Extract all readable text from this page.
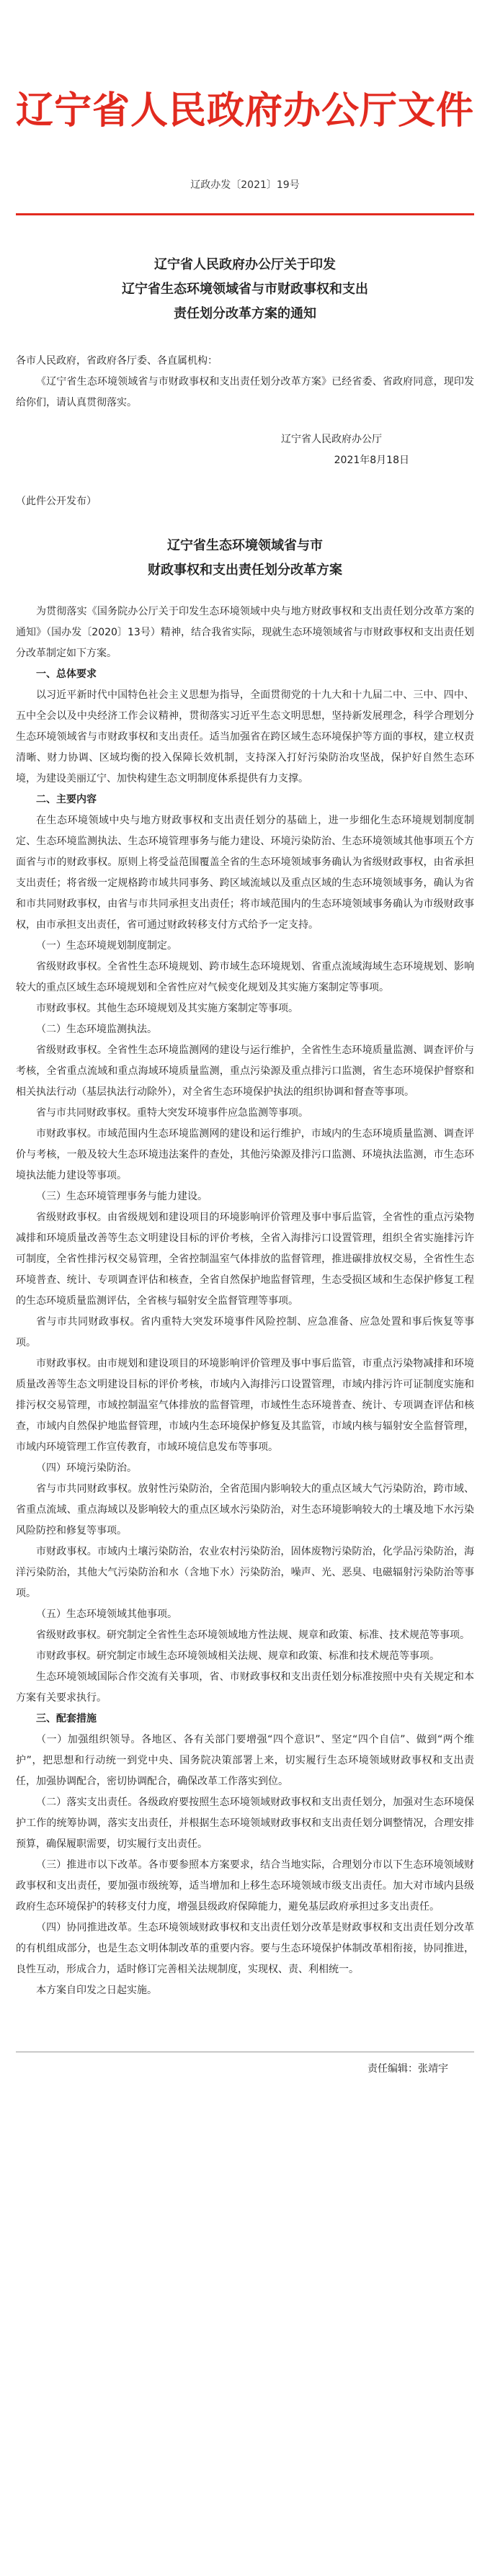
辽宁省人民政府办公厅文件
辽政办发〔2021〕19号
辽宁省人民政府办公厅关于印发
辽宁省生态环境领域省与市财政事权和支出
责任划分改革方案的通知

各市人民政府，省政府各厅委、各直属机构：

《辽宁省生态环境领域省与市财政事权和支出责任划分改革方案》已经省委、省政府同意，现印发给你们，请认真贯彻落实。

辽宁省人民政府办公厅
2021年8月18日

（此件公开发布）

辽宁省生态环境领域省与市
财政事权和支出责任划分改革方案

为贯彻落实《国务院办公厅关于印发生态环境领域中央与地方财政事权和支出责任划分改革方案的通知》（国办发〔2020〕13号）精神，结合我省实际，现就生态环境领域省与市财政事权和支出责任划分改革制定如下方案。

一、总体要求

以习近平新时代中国特色社会主义思想为指导，全面贯彻党的十九大和十九届二中、三中、四中、五中全会以及中央经济工作会议精神，贯彻落实习近平生态文明思想，坚持新发展理念，科学合理划分生态环境领域省与市财政事权和支出责任。适当加强省在跨区域生态环境保护等方面的事权，建立权责清晰、财力协调、区域均衡的投入保障长效机制，支持深入打好污染防治攻坚战，保护好自然生态环境，为建设美丽辽宁、加快构建生态文明制度体系提供有力支撑。

二、主要内容

在生态环境领域中央与地方财政事权和支出责任划分的基础上，进一步细化生态环境规划制度制定、生态环境监测执法、生态环境管理事务与能力建设、环境污染防治、生态环境领域其他事项五个方面省与市的财政事权。原则上将受益范围覆盖全省的生态环境领域事务确认为省级财政事权，由省承担支出责任；将省级一定规格跨市域共同事务、跨区域流域以及重点区域的生态环境领域事务，确认为省和市共同财政事权，由省与市共同承担支出责任；将市域范围内的生态环境领域事务确认为市级财政事权，由市承担支出责任，省可通过财政转移支付方式给予一定支持。

（一）生态环境规划制度制定。

省级财政事权。全省性生态环境规划、跨市域生态环境规划、省重点流域海域生态环境规划、影响较大的重点区域生态环境规划和全省性应对气候变化规划及其实施方案制定等事项。

市财政事权。其他生态环境规划及其实施方案制定等事项。

（二）生态环境监测执法。

省级财政事权。全省性生态环境监测网的建设与运行维护，全省性生态环境质量监测、调查评价与考核，全省重点流域和重点海域环境质量监测，重点污染源及重点排污口监测，省生态环境保护督察和相关执法行动（基层执法行动除外），对全省生态环境保护执法的组织协调和督查等事项。

省与市共同财政事权。重特大突发环境事件应急监测等事项。

市财政事权。市域范围内生态环境监测网的建设和运行维护，市域内的生态环境质量监测、调查评价与考核，一般及较大生态环境违法案件的查处，其他污染源及排污口监测、环境执法监测，市生态环境执法能力建设等事项。

（三）生态环境管理事务与能力建设。

省级财政事权。由省级规划和建设项目的环境影响评价管理及事中事后监管，全省性的重点污染物减排和环境质量改善等生态文明建设目标的评价考核，全省入海排污口设置管理，组织全省实施排污许可制度，全省性排污权交易管理，全省控制温室气体排放的监督管理，推进碳排放权交易，全省性生态环境普查、统计、专项调查评估和核查，全省自然保护地监督管理，生态受损区域和生态保护修复工程的生态环境质量监测评估，全省核与辐射安全监督管理等事项。

省与市共同财政事权。省内重特大突发环境事件风险控制、应急准备、应急处置和事后恢复等事项。

市财政事权。由市规划和建设项目的环境影响评价管理及事中事后监管，市重点污染物减排和环境质量改善等生态文明建设目标的评价考核，市域内入海排污口设置管理，市域内排污许可证制度实施和排污权交易管理，市域控制温室气体排放的监督管理，市域性生态环境普查、统计、专项调查评估和核查，市域内自然保护地监督管理，市域内生态环境保护修复及其监管，市域内核与辐射安全监督管理，市域内环境管理工作宣传教育，市域环境信息发布等事项。

（四）环境污染防治。

省与市共同财政事权。放射性污染防治，全省范围内影响较大的重点区域大气污染防治，跨市域、省重点流域、重点海域以及影响较大的重点区域水污染防治，对生态环境影响较大的土壤及地下水污染风险防控和修复等事项。

市财政事权。市域内土壤污染防治，农业农村污染防治，固体废物污染防治，化学品污染防治，海洋污染防治，其他大气污染防治和水（含地下水）污染防治，噪声、光、恶臭、电磁辐射污染防治等事项。

（五）生态环境领域其他事项。

省级财政事权。研究制定全省性生态环境领域地方性法规、规章和政策、标准、技术规范等事项。

市财政事权。研究制定市域生态环境领域相关法规、规章和政策、标准和技术规范等事项。

生态环境领域国际合作交流有关事项，省、市财政事权和支出责任划分标准按照中央有关规定和本方案有关要求执行。

三、配套措施

（一）加强组织领导。各地区、各有关部门要增强“四个意识”、坚定“四个自信”、做到“两个维护”，把思想和行动统一到党中央、国务院决策部署上来，切实履行生态环境领域财政事权和支出责任，加强协调配合，密切协调配合，确保改革工作落实到位。

（二）落实支出责任。各级政府要按照生态环境领域财政事权和支出责任划分，加强对生态环境保护工作的统筹协调，落实支出责任，并根据生态环境领域财政事权和支出责任划分调整情况，合理安排预算，确保履职需要，切实履行支出责任。

（三）推进市以下改革。各市要参照本方案要求，结合当地实际，合理划分市以下生态环境领域财政事权和支出责任，要加强市级统筹，适当增加和上移生态环境领域市级支出责任。加大对市域内县级政府生态环境保护的转移支付力度，增强县级政府保障能力，避免基层政府承担过多支出责任。

（四）协同推进改革。生态环境领域财政事权和支出责任划分改革是财政事权和支出责任划分改革的有机组成部分，也是生态文明体制改革的重要内容。要与生态环境保护体制改革相衔接，协同推进，良性互动，形成合力，适时修订完善相关法规制度，实现权、责、利相统一。

本方案自印发之日起实施。

责任编辑：张靖宇
